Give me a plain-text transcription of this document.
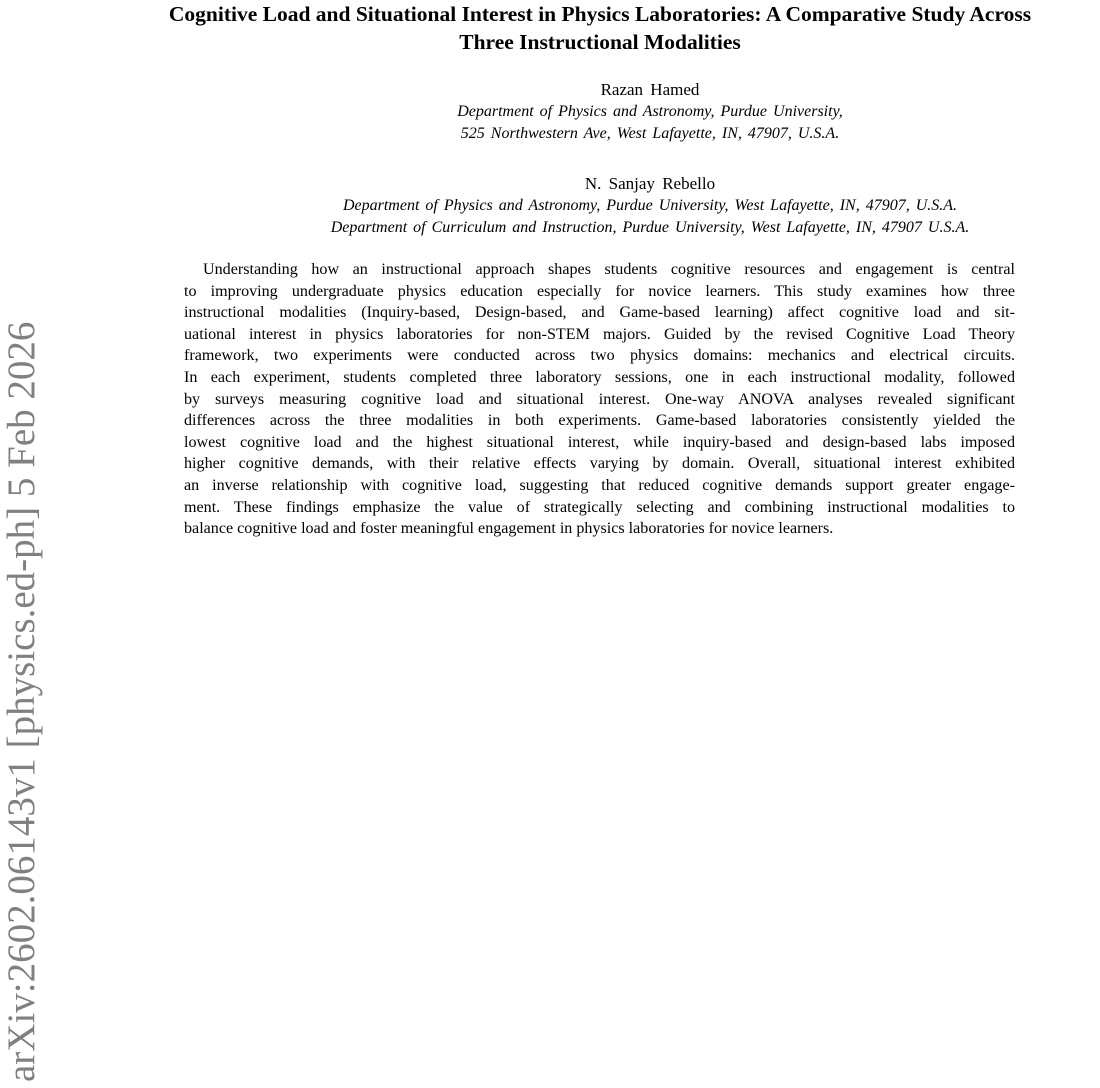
arXiv:2602.06143v1 [physics.ed-ph] 5 Feb 2026
Cognitive Load and Situational Interest in Physics Laboratories: A Comparative Study Across
Three Instructional Modalities
Razan Hamed
Department of Physics and Astronomy, Purdue University,
525 Northwestern Ave, West Lafayette, IN, 47907, U.S.A.
N. Sanjay Rebello
Department of Physics and Astronomy, Purdue University, West Lafayette, IN, 47907, U.S.A.
Department of Curriculum and Instruction, Purdue University, West Lafayette, IN, 47907 U.S.A.
Understanding how an instructional approach shapes students cognitive resources and engagement is central
to improving undergraduate physics education especially for novice learners. This study examines how three
instructional modalities (Inquiry-based, Design-based, and Game-based learning) affect cognitive load and sit-
uational interest in physics laboratories for non-STEM majors. Guided by the revised Cognitive Load Theory
framework, two experiments were conducted across two physics domains: mechanics and electrical circuits.
In each experiment, students completed three laboratory sessions, one in each instructional modality, followed
by surveys measuring cognitive load and situational interest. One-way ANOVA analyses revealed significant
differences across the three modalities in both experiments. Game-based laboratories consistently yielded the
lowest cognitive load and the highest situational interest, while inquiry-based and design-based labs imposed
higher cognitive demands, with their relative effects varying by domain. Overall, situational interest exhibited
an inverse relationship with cognitive load, suggesting that reduced cognitive demands support greater engage-
ment. These findings emphasize the value of strategically selecting and combining instructional modalities to
balance cognitive load and foster meaningful engagement in physics laboratories for novice learners.
